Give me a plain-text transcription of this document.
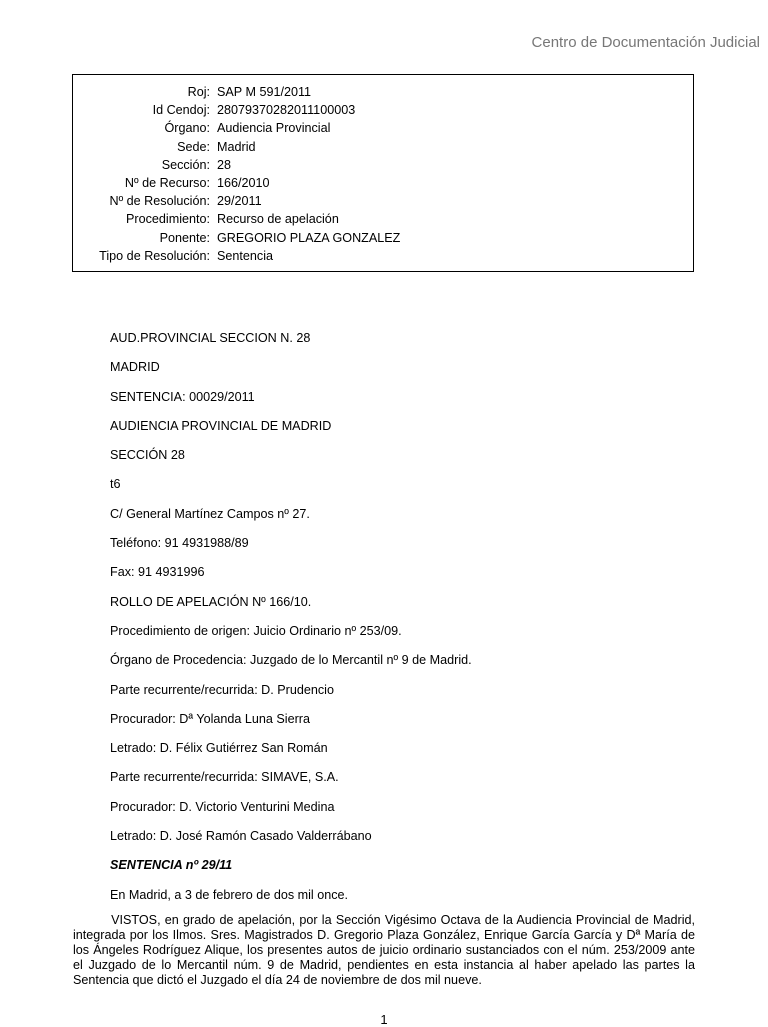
Centro de Documentación Judicial
Roj: SAP M 591/2011
Id Cendoj: 28079370282011100003
Órgano: Audiencia Provincial
Sede: Madrid
Sección: 28
Nº de Recurso: 166/2010
Nº de Resolución: 29/2011
Procedimiento: Recurso de apelación
Ponente: GREGORIO PLAZA GONZALEZ
Tipo de Resolución: Sentencia
AUD.PROVINCIAL SECCION N. 28
MADRID
SENTENCIA: 00029/2011
AUDIENCIA PROVINCIAL DE MADRID
SECCIÓN 28
t6
C/ General Martínez Campos nº 27.
Teléfono: 91 4931988/89
Fax: 91 4931996
ROLLO DE APELACIÓN Nº 166/10.
Procedimiento de origen: Juicio Ordinario nº 253/09.
Órgano de Procedencia: Juzgado de lo Mercantil nº 9 de Madrid.
Parte recurrente/recurrida: D. Prudencio
Procurador: Dª Yolanda Luna Sierra
Letrado: D. Félix Gutiérrez San Román
Parte recurrente/recurrida: SIMAVE, S.A.
Procurador: D. Victorio Venturini Medina
Letrado: D. José Ramón Casado Valderrábano
SENTENCIA nº 29/11
En Madrid, a 3 de febrero de dos mil once.
VISTOS, en grado de apelación, por la Sección Vigésimo Octava de la Audiencia Provincial de Madrid, integrada por los Ilmos. Sres. Magistrados D. Gregorio Plaza González, Enrique García García y Dª María de los Ángeles Rodríguez Alique, los presentes autos de juicio ordinario sustanciados con el núm. 253/2009 ante el Juzgado de lo Mercantil núm. 9 de Madrid, pendientes en esta instancia al haber apelado las partes la Sentencia que dictó el Juzgado el día 24 de noviembre de dos mil nueve.
1
